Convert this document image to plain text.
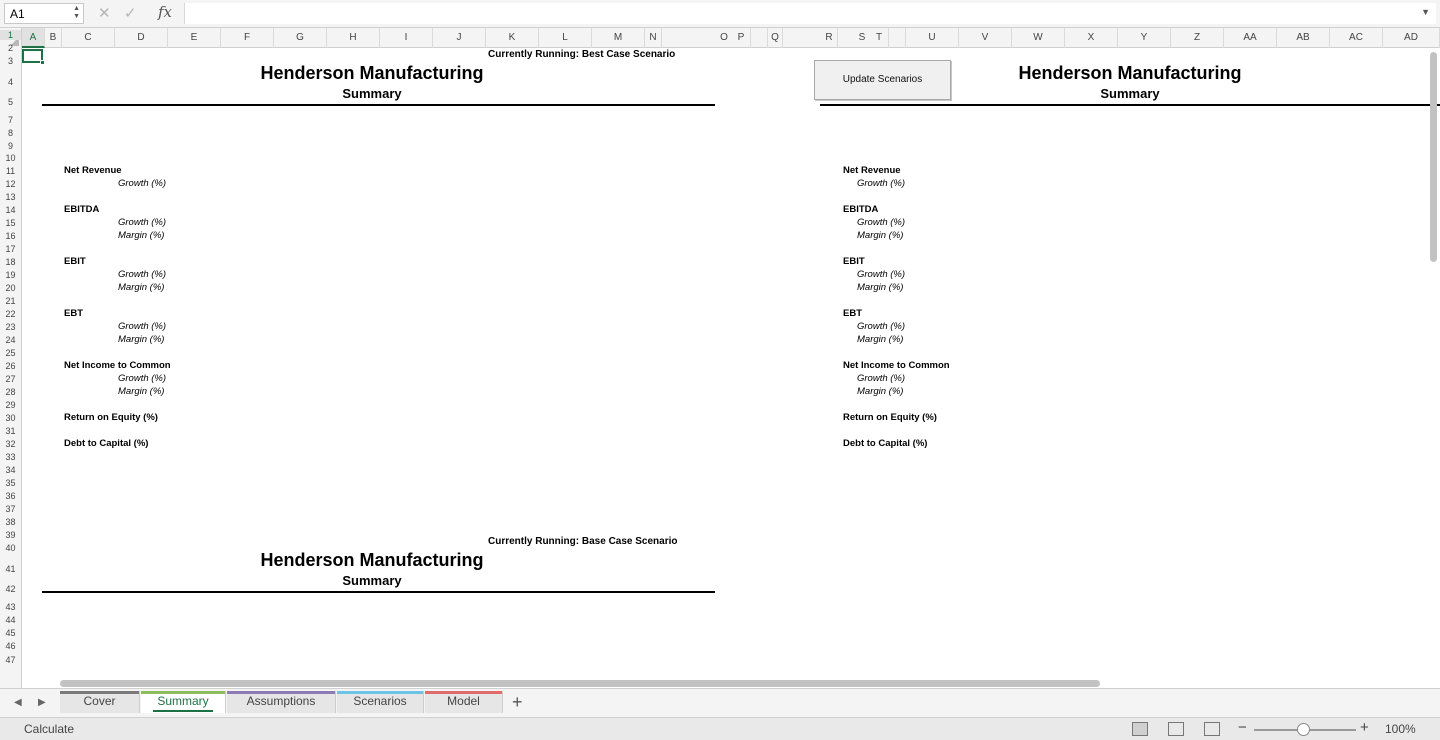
A1	▲
▼ ✕ ✓ fx	▼
A	B	C	D	E	F	G	H	I	J	K	L	M	N	O P	Q	R	S	T	U	V	W	X	Y	Z	AA	AB	AC	AD
1
2
3
4
5
7
8
9
10
11
12
13
14
15
16
17
18
19
20
21
22
23
24
25
26
27
28
29
30
31
32
33
34
35
36
37
38
39
40
41
42
43
44
45
46
47
Currently Running: Best Case Scenario
Henderson Manufacturing
Summary
Net Revenue
Growth (%)
EBITDA
Growth (%)
Margin (%)
EBIT
Growth (%)
Margin (%)
EBT
Growth (%)
Margin (%)
Net Income to Common
Growth (%)
Margin (%)
Return on Equity (%)
Debt to Capital (%)
Henderson Manufacturing
Summary
Net Revenue
Growth (%)
EBITDA
Growth (%)
Margin (%)
EBIT
Growth (%)
Margin (%)
EBT
Growth (%)
Margin (%)
Net Income to Common
Growth (%)
Margin (%)
Return on Equity (%)
Debt to Capital (%)
Currently Running: Base Case Scenario
Henderson Manufacturing
Summary
Update Scenarios
◀ ▶	Cover	Summary	Assumptions	Scenarios	Model	+
Calculate	−	+ 100%
